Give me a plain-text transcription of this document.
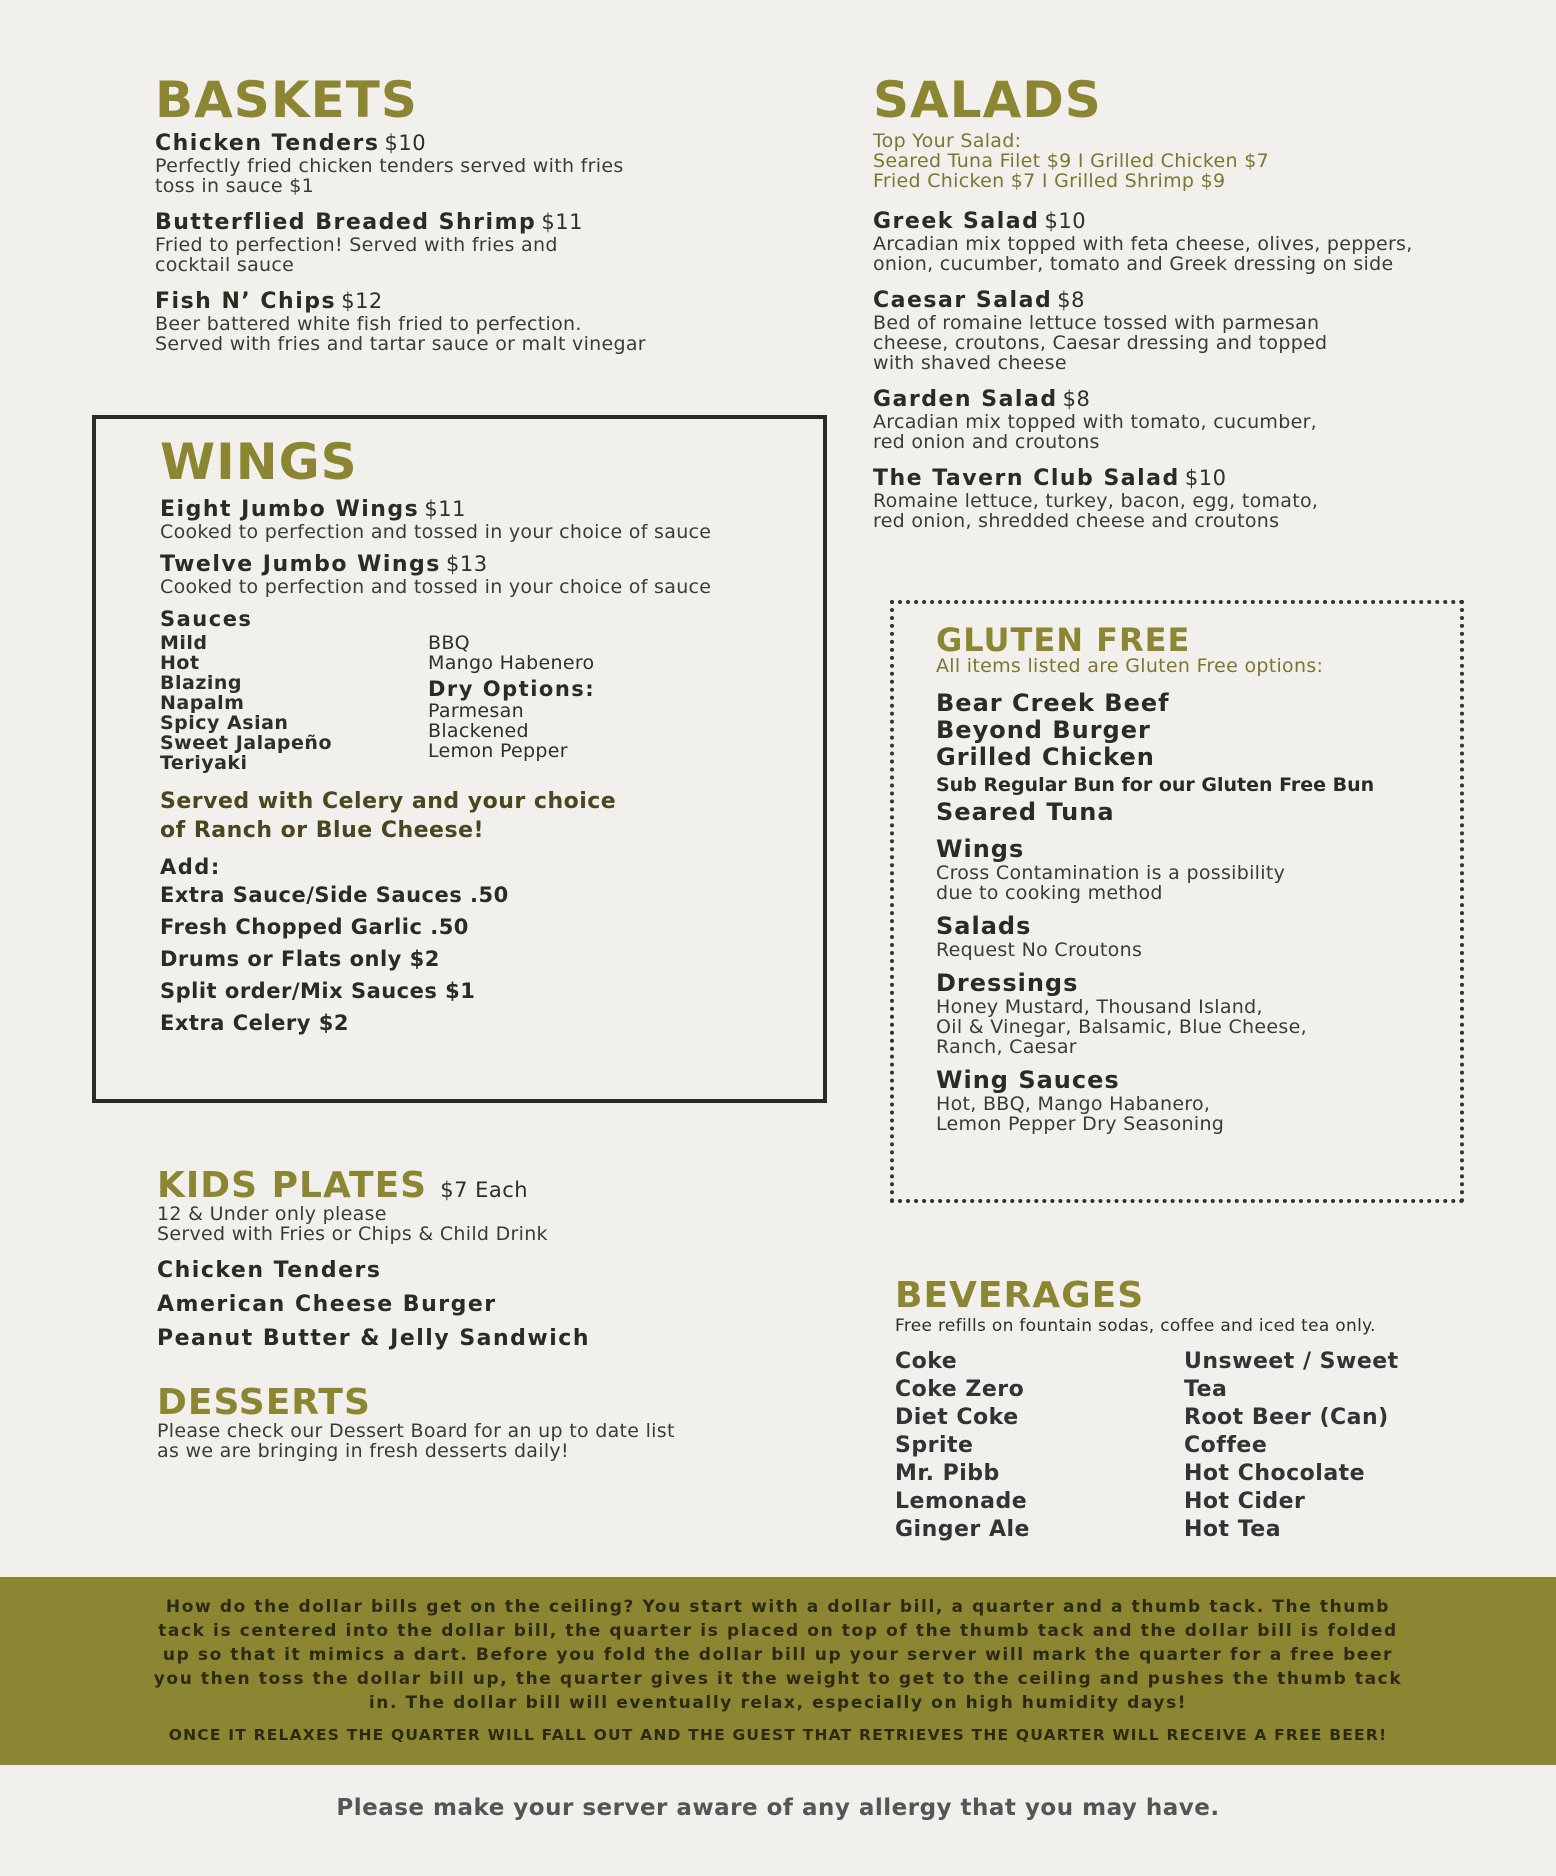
BASKETS
Chicken Tenders $10
Perfectly fried chicken tenders served with fries
toss in sauce $1
Butterflied Breaded Shrimp $11
Fried to perfection! Served with fries and
cocktail sauce
Fish N’ Chips $12
Beer battered white fish fried to perfection.
Served with fries and tartar sauce or malt vinegar
WINGS
Eight Jumbo Wings $11
Cooked to perfection and tossed in your choice of sauce
Twelve Jumbo Wings $13
Cooked to perfection and tossed in your choice of sauce
Sauces
Mild
Hot
Blazing
Napalm
Spicy Asian
Sweet Jalapeño
Teriyaki
BBQ
Mango Habenero
Dry Options:
Parmesan
Blackened
Lemon Pepper
Served with Celery and your choice
of Ranch or Blue Cheese!
Add:
Extra Sauce/Side Sauces .50
Fresh Chopped Garlic .50
Drums or Flats only $2
Split order/Mix Sauces $1
Extra Celery $2
KIDS PLATES $7 Each
12 & Under only please
Served with Fries or Chips & Child Drink
Chicken Tenders
American Cheese Burger
Peanut Butter & Jelly Sandwich
DESSERTS
Please check our Dessert Board for an up to date list
as we are bringing in fresh desserts daily!
SALADS
Top Your Salad:
Seared Tuna Filet $9 I Grilled Chicken $7
Fried Chicken $7 I Grilled Shrimp $9
Greek Salad $10
Arcadian mix topped with feta cheese, olives, peppers,
onion, cucumber, tomato and Greek dressing on side
Caesar Salad $8
Bed of romaine lettuce tossed with parmesan
cheese, croutons, Caesar dressing and topped
with shaved cheese
Garden Salad $8
Arcadian mix topped with tomato, cucumber,
red onion and croutons
The Tavern Club Salad $10
Romaine lettuce, turkey, bacon, egg, tomato,
red onion, shredded cheese and croutons
GLUTEN FREE
All items listed are Gluten Free options:
Bear Creek Beef
Beyond Burger
Grilled Chicken
Sub Regular Bun for our Gluten Free Bun
Seared Tuna
Wings
Cross Contamination is a possibility
due to cooking method
Salads
Request No Croutons
Dressings
Honey Mustard, Thousand Island,
Oil & Vinegar, Balsamic, Blue Cheese,
Ranch, Caesar
Wing Sauces
Hot, BBQ, Mango Habanero,
Lemon Pepper Dry Seasoning
BEVERAGES
Free refills on fountain sodas, coffee and iced tea only.
Coke
Coke Zero
Diet Coke
Sprite
Mr. Pibb
Lemonade
Ginger Ale
Unsweet / Sweet
Tea
Root Beer (Can)
Coffee
Hot Chocolate
Hot Cider
Hot Tea
How do the dollar bills get on the ceiling? You start with a dollar bill, a quarter and a thumb tack. The thumb
tack is centered into the dollar bill, the quarter is placed on top of the thumb tack and the dollar bill is folded
up so that it mimics a dart. Before you fold the dollar bill up your server will mark the quarter for a free beer
you then toss the dollar bill up, the quarter gives it the weight to get to the ceiling and pushes the thumb tack
in. The dollar bill will eventually relax, especially on high humidity days!
ONCE IT RELAXES THE QUARTER WILL FALL OUT AND THE GUEST THAT RETRIEVES THE QUARTER WILL RECEIVE A FREE BEER!
Please make your server aware of any allergy that you may have.
